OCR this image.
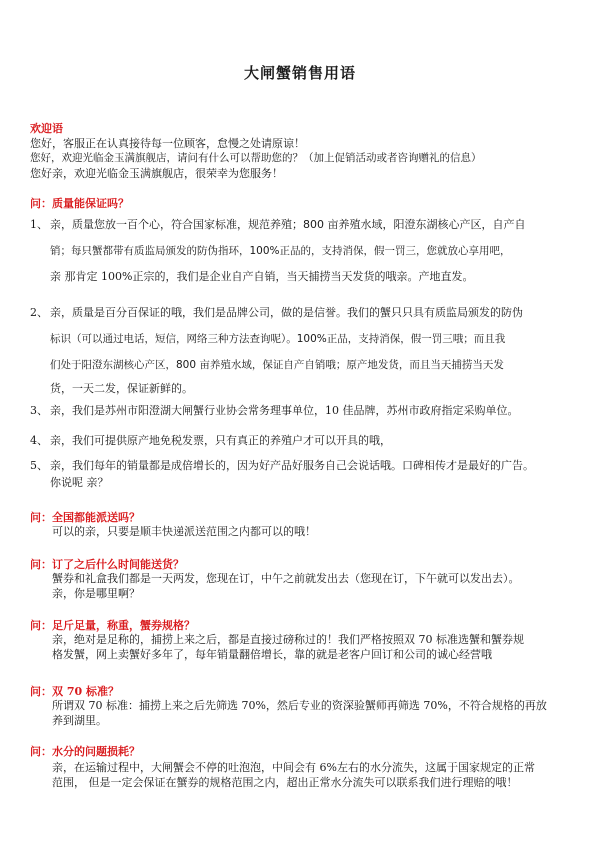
大闸蟹销售用语
欢迎语
您好，客服正在认真接待每一位顾客，怠慢之处请原谅！
您好，欢迎光临金玉满旗舰店，请问有什么可以帮助您的？（加上促销活动或者咨询赠礼的信息）
您好亲，欢迎光临金玉满旗舰店，很荣幸为您服务！
问：质量能保证吗？
1、 亲，质量您放一百个心，符合国家标准，规范养殖；800 亩养殖水域，阳澄东湖核心产区，自产自
销；每只蟹都带有质监局颁发的防伪指环，100%正品的，支持消保，假一罚三，您就放心享用吧，
亲 那肯定 100%正宗的，我们是企业自产自销，当天捕捞当天发货的哦亲。产地直发。
2、 亲，质量是百分百保证的哦，我们是品牌公司，做的是信誉。我们的蟹只只具有质监局颁发的防伪
标识（可以通过电话，短信，网络三种方法查询呢）。100%正品，支持消保，假一罚三哦；而且我
们处于阳澄东湖核心产区，800 亩养殖水域，保证自产自销哦；原产地发货，而且当天捕捞当天发
货，一天二发，保证新鲜的。
3、 亲，我们是苏州市阳澄湖大闸蟹行业协会常务理事单位，10 佳品牌，苏州市政府指定采购单位。
4、 亲，我们可提供原产地免税发票，只有真正的养殖户才可以开具的哦，
5、 亲，我们每年的销量都是成倍增长的，因为好产品好服务自己会说话哦。口碑相传才是最好的广告。
你说呢 亲？
问：全国都能派送吗？
可以的亲，只要是顺丰快递派送范围之内都可以的哦！
问：订了之后什么时间能送货？
蟹券和礼盒我们都是一天两发，您现在订，中午之前就发出去（您现在订，下午就可以发出去）。
亲，你是哪里啊？
问：足斤足量，称重，蟹券规格？
亲，绝对是足称的，捕捞上来之后，都是直接过磅称过的！我们严格按照双 70 标准选蟹和蟹券规
格发蟹，网上卖蟹好多年了，每年销量翻倍增长，靠的就是老客户回订和公司的诚心经营哦
问：双 70 标准？
所谓双 70 标准：捕捞上来之后先筛选 70%，然后专业的资深验蟹师再筛选 70%，不符合规格的再放
养到湖里。
问：水分的问题损耗？
亲，在运输过程中，大闸蟹会不停的吐泡泡，中间会有 6%左右的水分流失，这属于国家规定的正常
范围， 但是一定会保证在蟹券的规格范围之内，超出正常水分流失可以联系我们进行理赔的哦！
